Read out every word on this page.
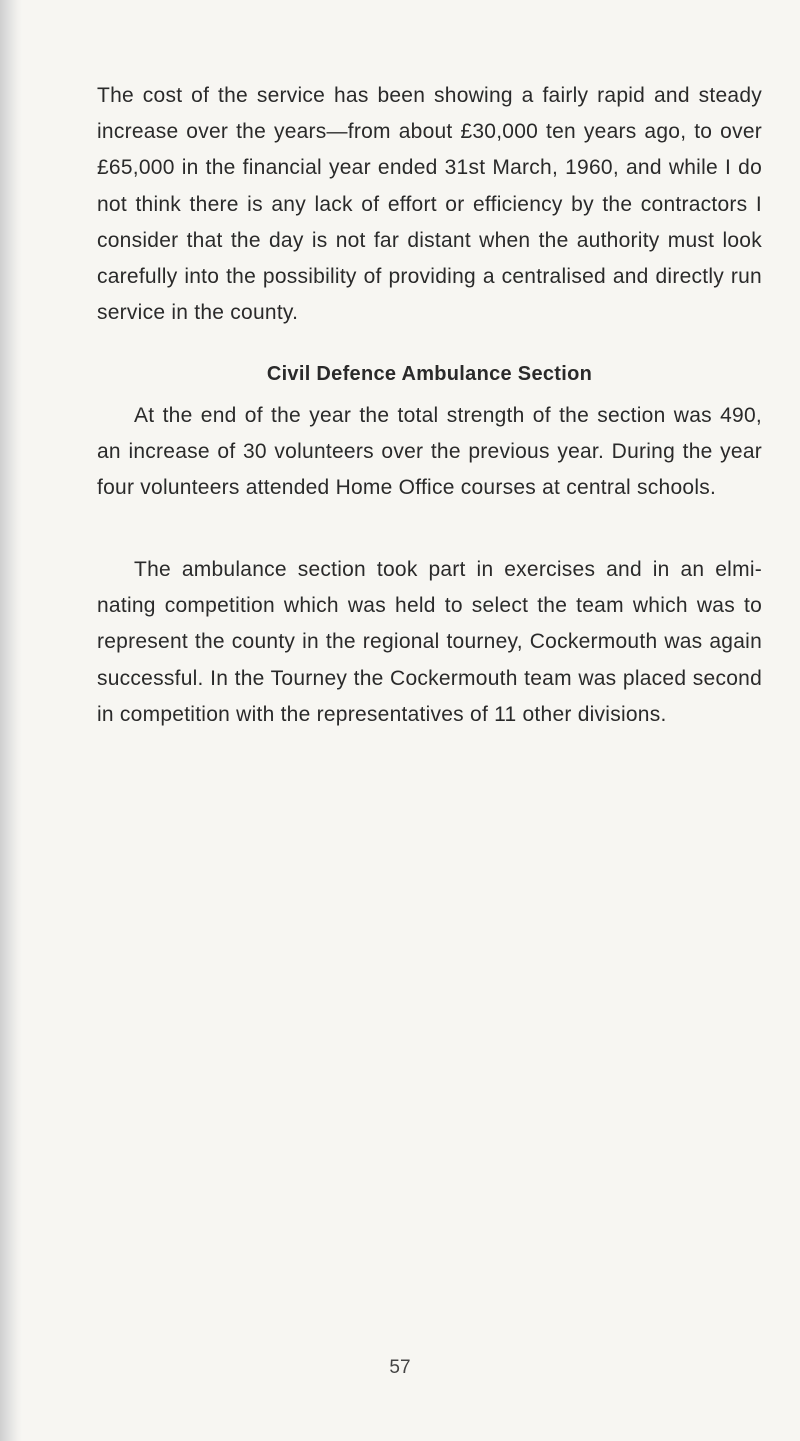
The cost of the service has been showing a fairly rapid and steady increase over the years—from about £30,000 ten years ago, to over £65,000 in the financial year ended 31st March, 1960, and while I do not think there is any lack of effort or efficiency by the contractors I consider that the day is not far distant when the authority must look carefully into the possibility of providing a centralised and directly run service in the county.

Civil Defence Ambulance Section

At the end of the year the total strength of the section was 490, an increase of 30 volunteers over the previous year. During the year four volunteers attended Home Office courses at central schools.

The ambulance section took part in exercises and in an elmi- nating competition which was held to select the team which was to represent the county in the regional tourney, Cockermouth was again successful. In the Tourney the Cockermouth team was placed second in competition with the representatives of 11 other divisions.

57
